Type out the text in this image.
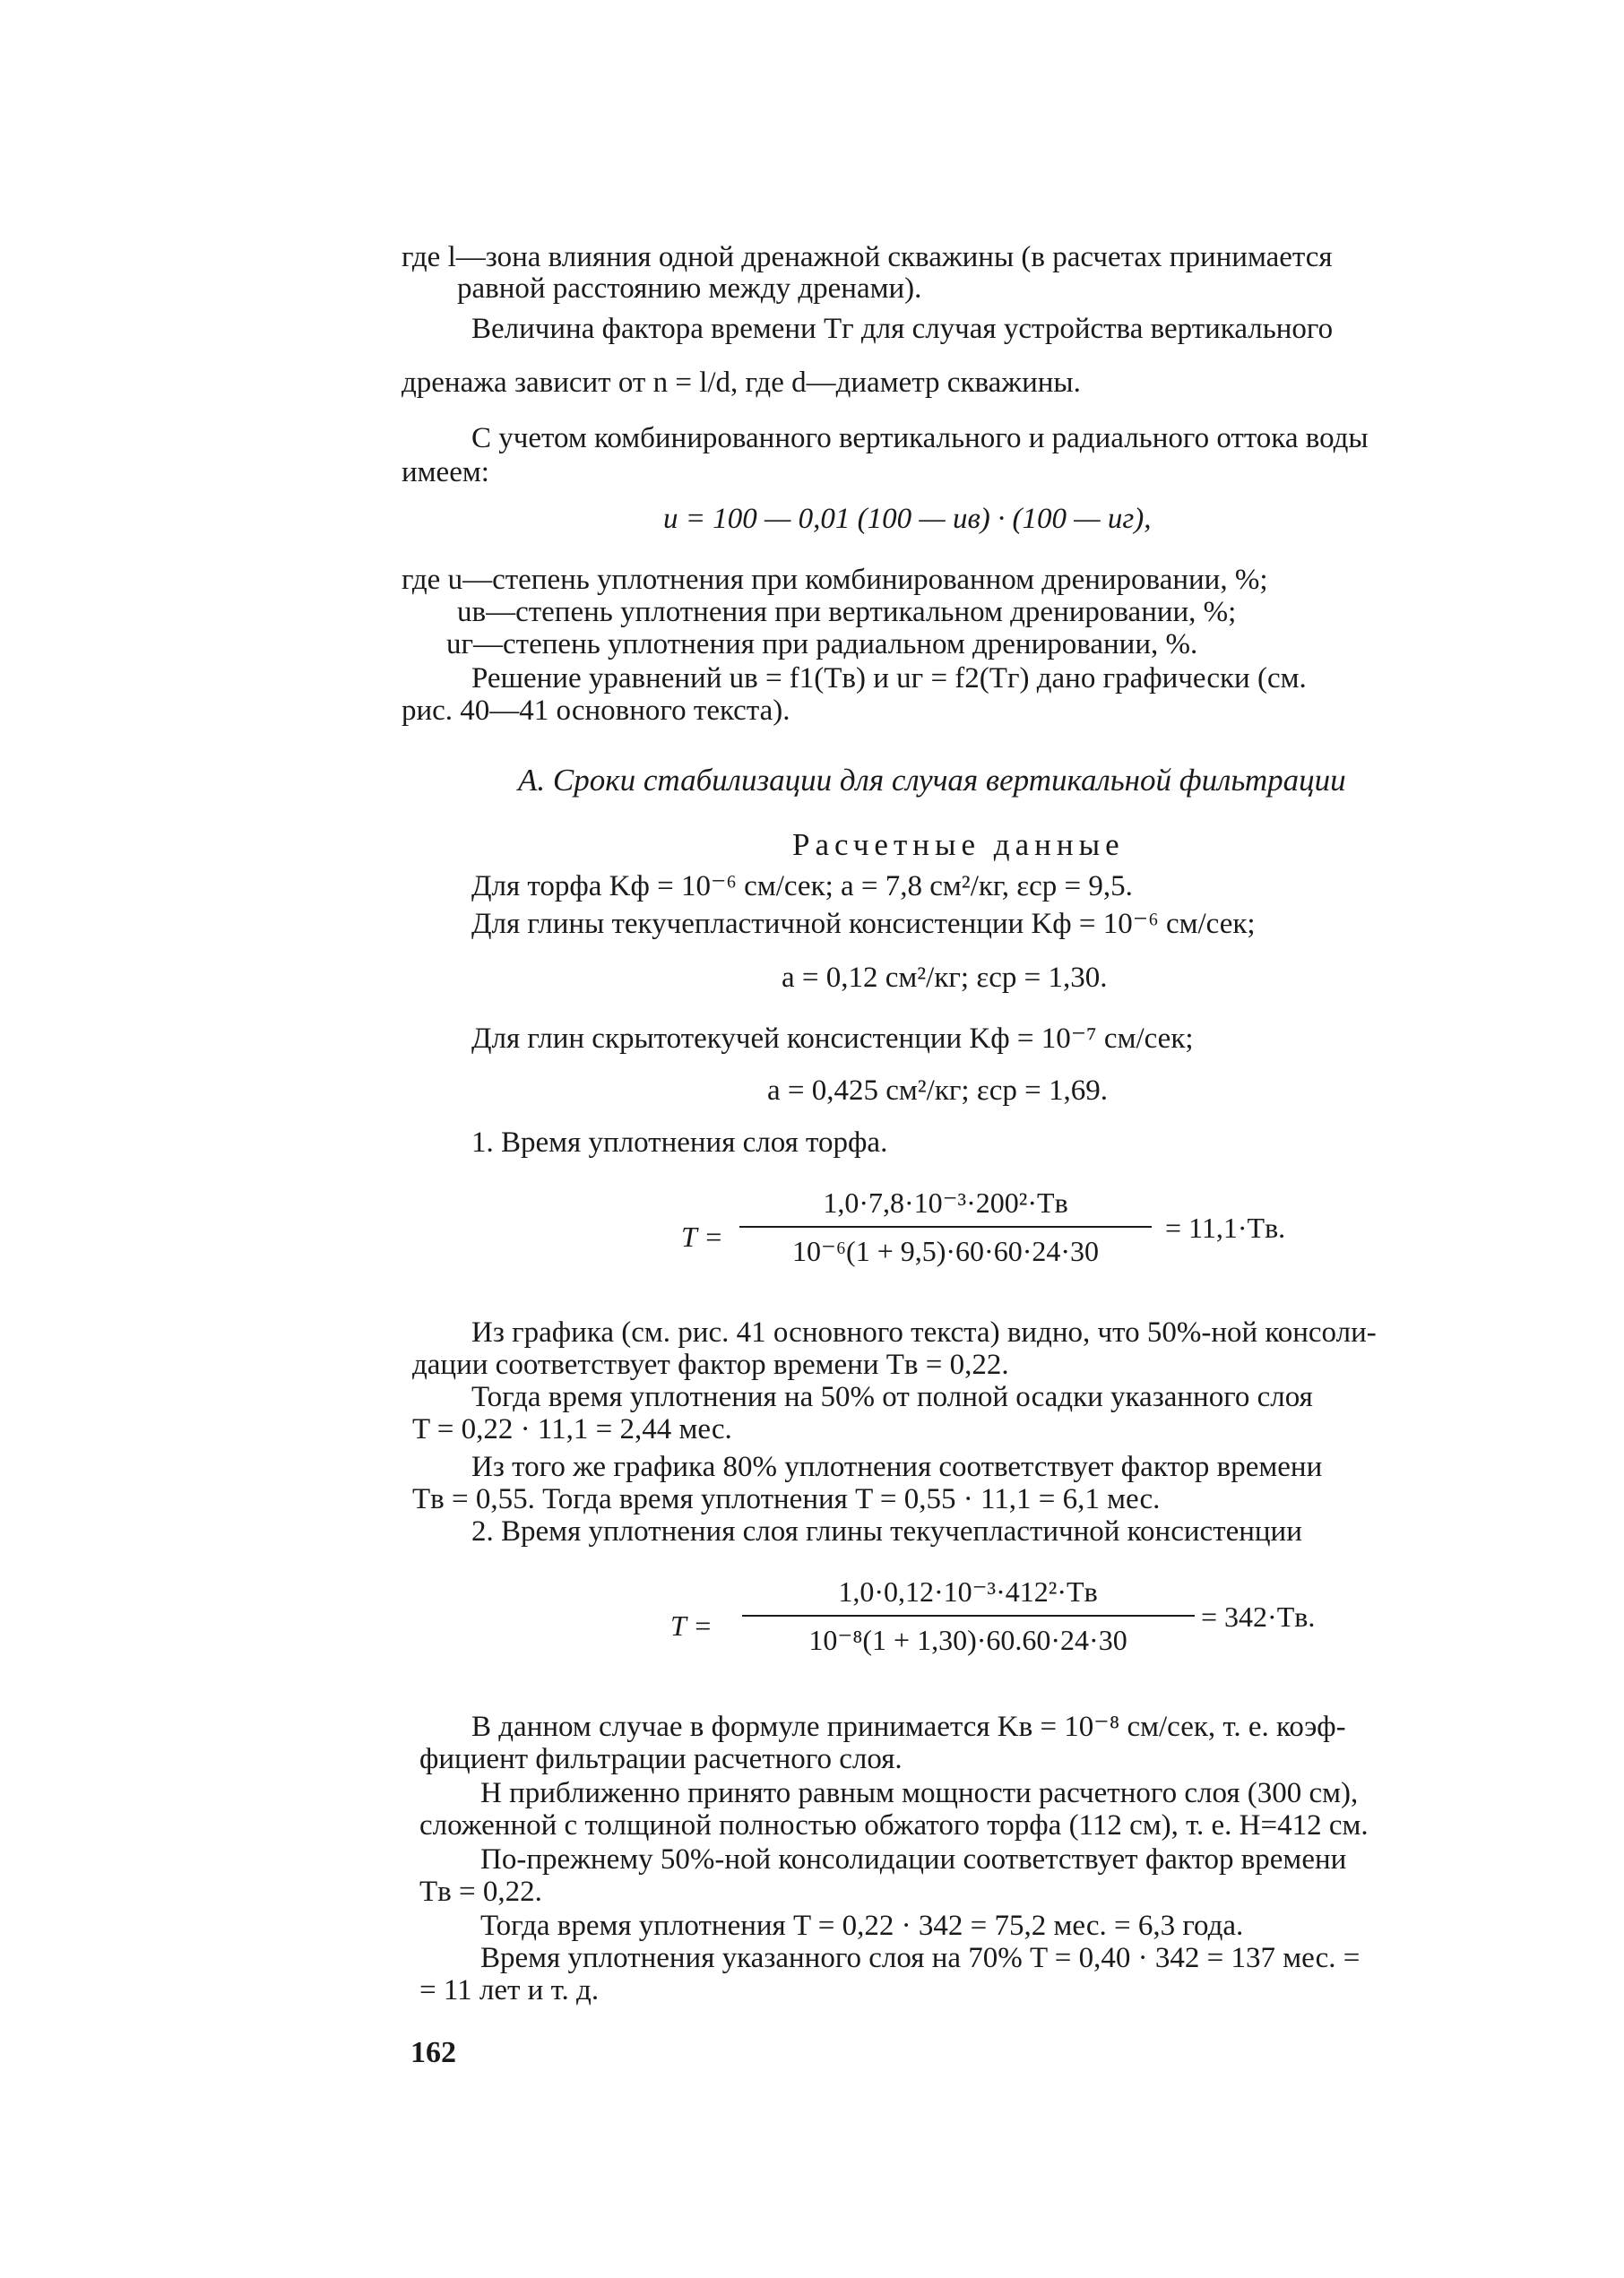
где l—зона влияния одной дренажной скважины (в расчетах принимается
равной расстоянию между дренами).
Величина фактора времени Tг для случая устройства вертикального
дренажа зависит от n = l/d, где d—диаметр скважины.
С учетом комбинированного вертикального и радиального оттока воды
имеем:
u = 100 — 0,01 (100 — uв) · (100 — uг),
где u—степень уплотнения при комбинированном дренировании, %;
uв—степень уплотнения при вертикальном дренировании, %;
uг—степень уплотнения при радиальном дренировании, %.
Решение уравнений uв = f1(Tв) и uг = f2(Tг) дано графически (см.
рис. 40—41 основного текста).
А. Сроки стабилизации для случая вертикальной фильтрации
Расчетные данные
Для торфа Kф = 10⁻⁶ см/сек; a = 7,8 см²/кг, εср = 9,5.
Для глины текучепластичной консистенции Kф = 10⁻⁶ см/сек;
a = 0,12 см²/кг; εср = 1,30.
Для глин скрытотекучей консистенции Kф = 10⁻⁷ см/сек;
a = 0,425 см²/кг; εср = 1,69.
1. Время уплотнения слоя торфа.
T =
1,0·7,8·10⁻³·200²·Tв
10⁻⁶(1 + 9,5)·60·60·24·30
= 11,1·Tв.
Из графика (см. рис. 41 основного текста) видно, что 50%-ной консоли-
дации соответствует фактор времени Tв = 0,22.
Тогда время уплотнения на 50% от полной осадки указанного слоя
T = 0,22 · 11,1 = 2,44 мес.
Из того же графика 80% уплотнения соответствует фактор времени
Tв = 0,55. Тогда время уплотнения T = 0,55 · 11,1 = 6,1 мес.
2. Время уплотнения слоя глины текучепластичной консистенции
T =
1,0·0,12·10⁻³·412²·Tв
10⁻⁸(1 + 1,30)·60.60·24·30
= 342·Tв.
В данном случае в формуле принимается Kв = 10⁻⁸ см/сек, т. е. коэф-
фициент фильтрации расчетного слоя.
H приближенно принято равным мощности расчетного слоя (300 см),
сложенной с толщиной полностью обжатого торфа (112 см), т. е. H=412 см.
По-прежнему 50%-ной консолидации соответствует фактор времени
Tв = 0,22.
Тогда время уплотнения T = 0,22 · 342 = 75,2 мес. = 6,3 года.
Время уплотнения указанного слоя на 70% T = 0,40 · 342 = 137 мес. =
= 11 лет и т. д.
162
